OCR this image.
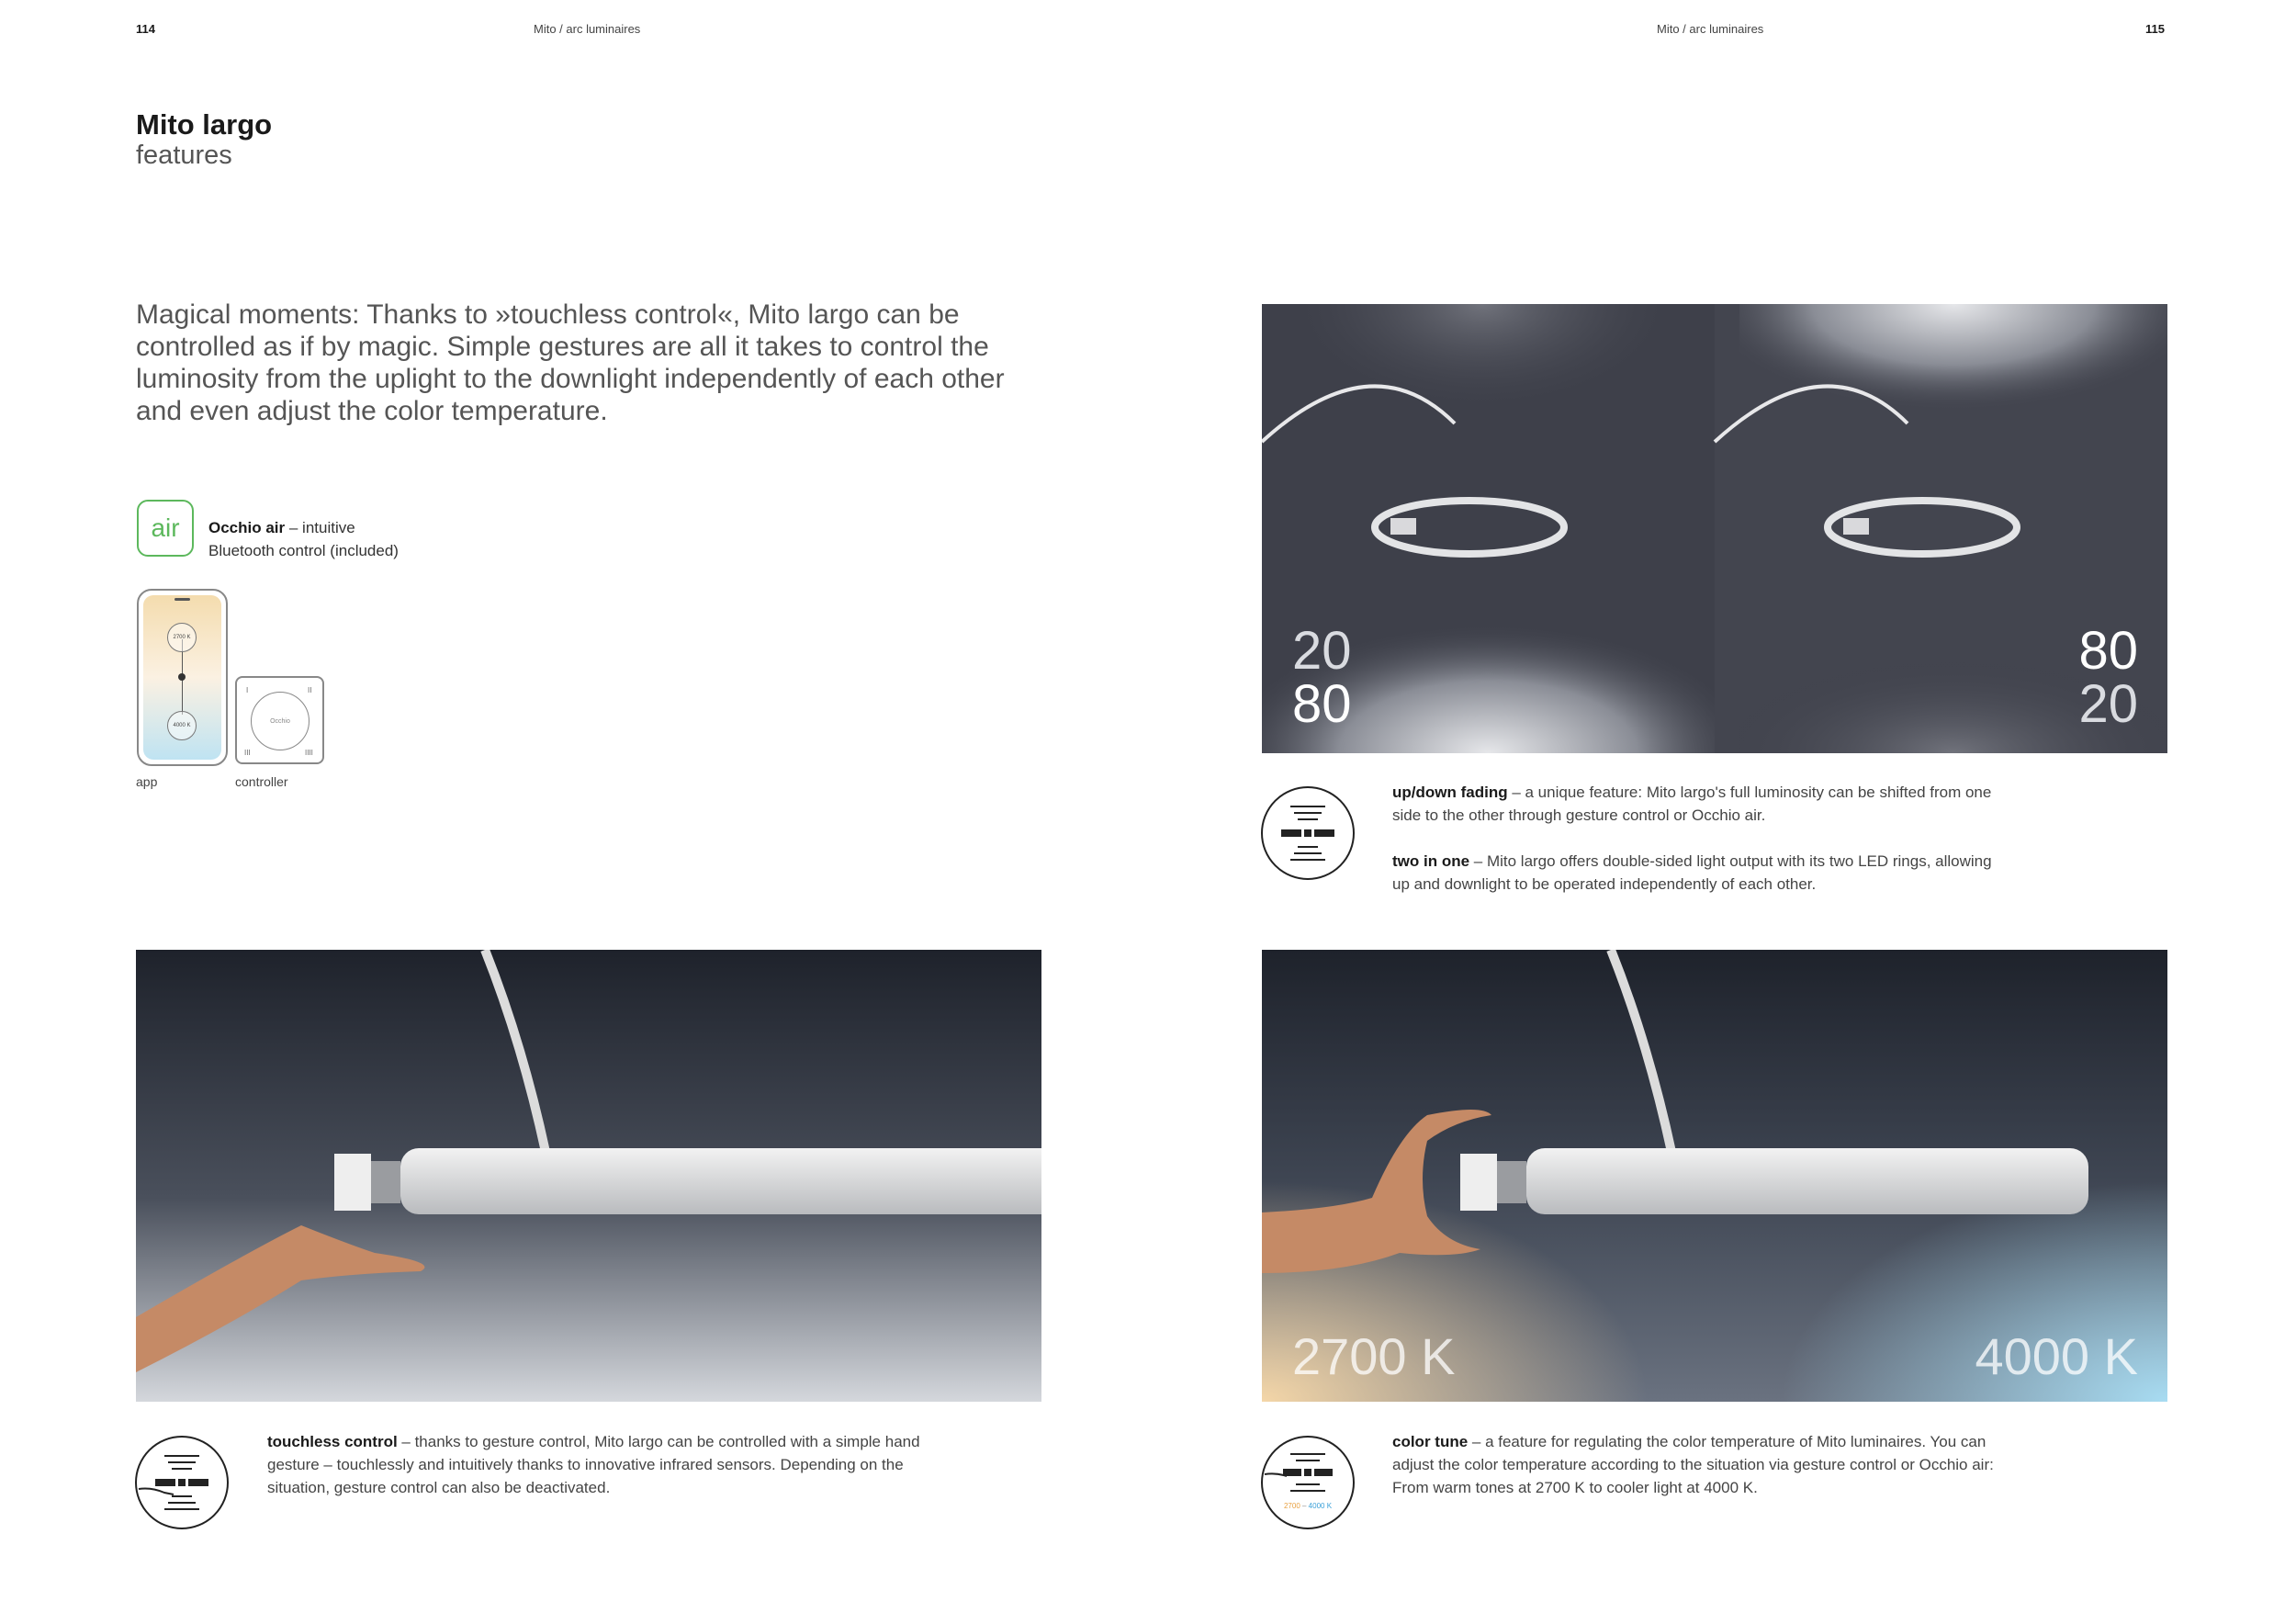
114	Mito / arc luminaires	Mito / arc luminaires	115
Mito largo
features
Magical moments: Thanks to »touchless control«, Mito largo can be controlled as if by magic. Simple gestures are all it takes to control the luminosity from the uplight to the downlight independently of each other and even adjust the color temperature.
air Occhio air – intuitive
Bluetooth control (included)
2700 K
4000 K
I	II
III	IIII
Occhio
app	controller
20
80
80
20
up/down fading – a unique feature: Mito largo's full luminosity can be shifted from one side to the other through gesture control or Occhio air.
two in one – Mito largo offers double-sided light output with its two LED rings, allowing up and downlight to be operated independently of each other.
touchless control – thanks to gesture control, Mito largo can be controlled with a simple hand gesture – touchlessly and intuitively thanks to innovative infrared sensors. Depending on the situation, gesture control can also be deactivated.
2700 K	4000 K
2700 – 4000 K
color tune – a feature for regulating the color temperature of Mito luminaires. You can adjust the color temperature according to the situation via gesture control or Occhio air: From warm tones at 2700 K to cooler light at 4000 K.
